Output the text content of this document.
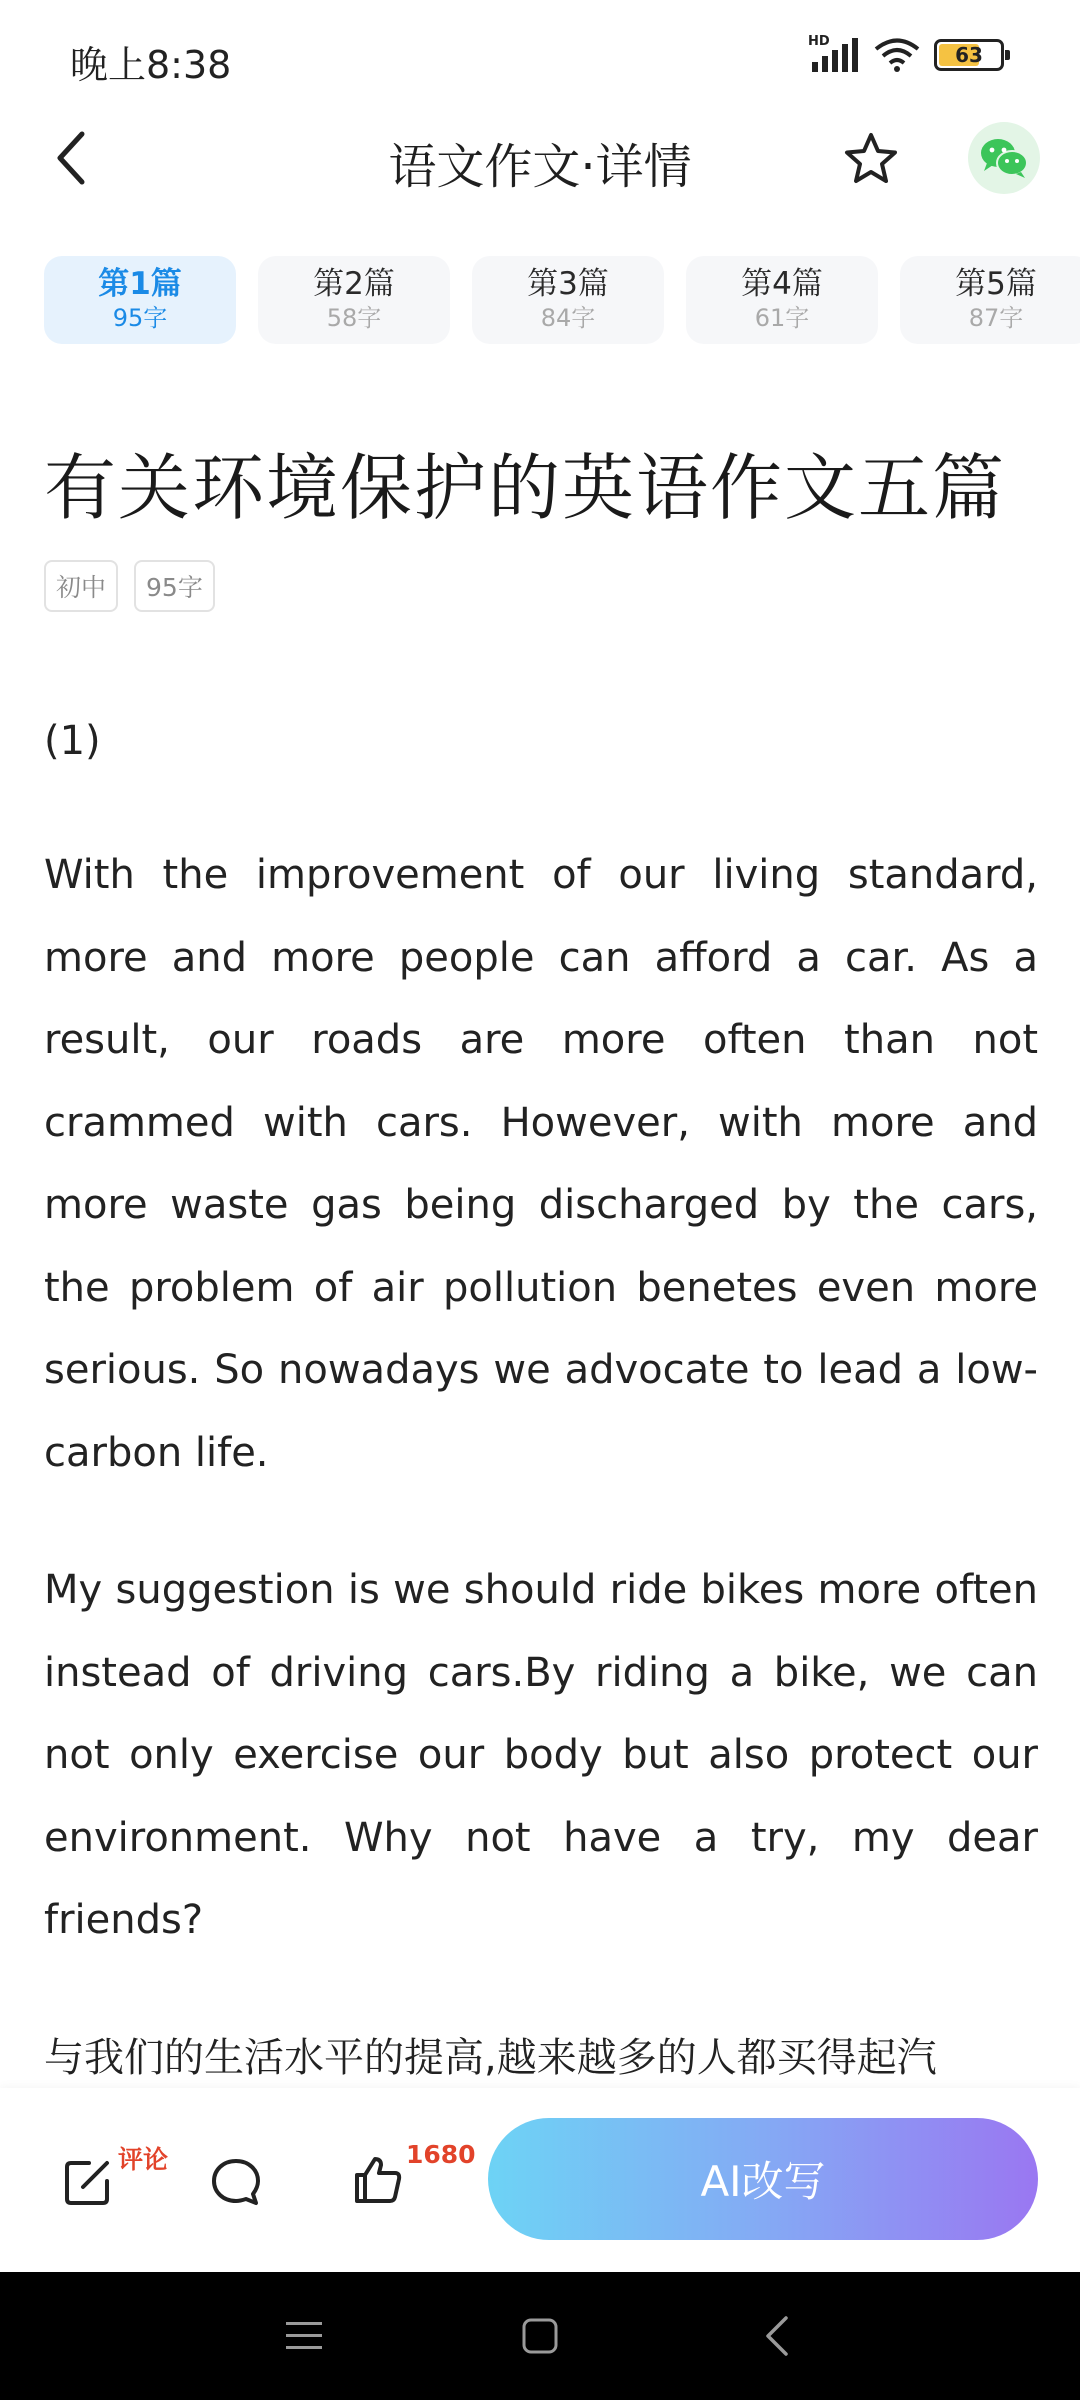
晚上8:38
HD
63
语文作文·详情
第1篇
95字
第2篇
58字
第3篇
84字
第4篇
61字
第5篇
87字
有关环境保护的英语作文五篇
初中	95字

(1)

With the improvement of our living standard, more and more people can afford a car. As a result, our roads are more often than not crammed with cars. However, with more and more waste gas being discharged by the cars, the problem of air pollution benetes even more serious. So nowadays we advocate to lead a low-carbon life.

My suggestion is we should ride bikes more often instead of driving cars.By riding a bike, we can not only exercise our body but also protect our environment. Why not have a try, my dear friends?

与我们的生活水平的提高,越来越多的人都买得起汽

评论	1680
AI改写
